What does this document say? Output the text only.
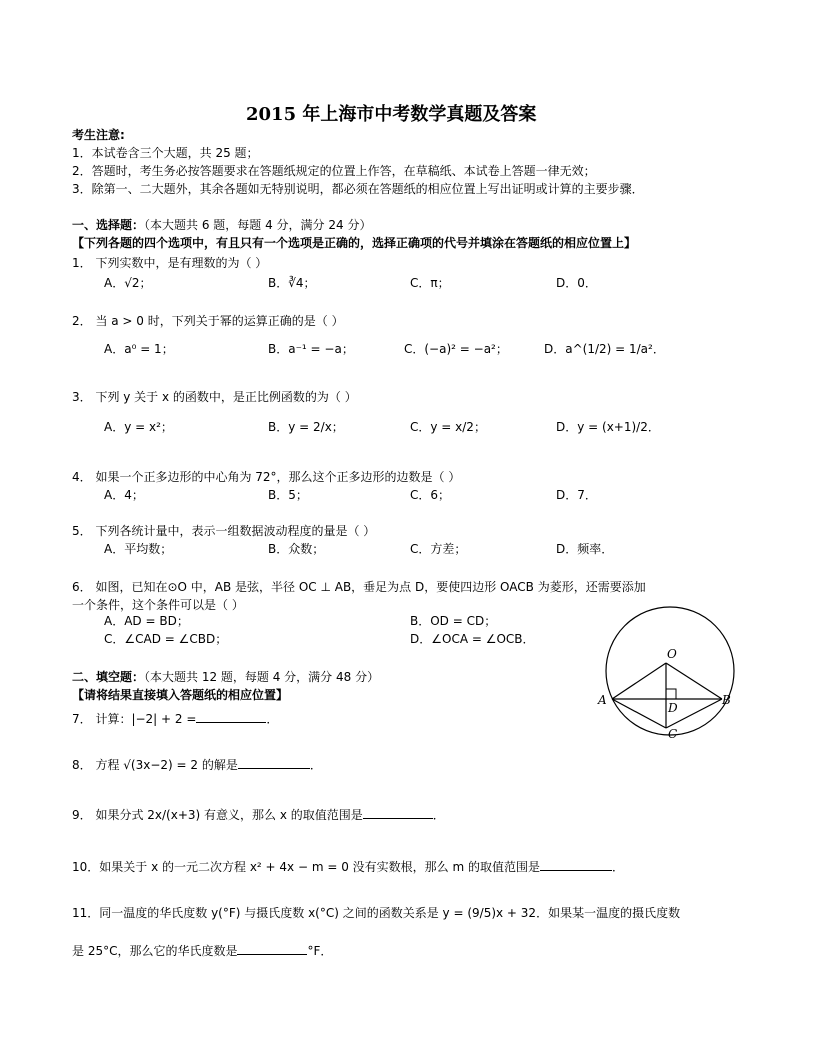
2015 年上海市中考数学真题及答案
考生注意:
1．本试卷含三个大题，共 25 题；
2．答题时，考生务必按答题要求在答题纸规定的位置上作答，在草稿纸、本试卷上答题一律无效；
3．除第一、二大题外，其余各题如无特别说明，都必须在答题纸的相应位置上写出证明或计算的主要步骤．
一、选择题：（本大题共 6 题，每题 4 分，满分 24 分）
【下列各题的四个选项中，有且只有一个选项是正确的，选择正确项的代号并填涂在答题纸的相应位置上】
1． 下列实数中，是有理数的为（ ）
A．√2；	B．∛4；	C．π；	D．0．
2． 当 a > 0 时，下列关于幂的运算正确的是（ ）
A．a⁰ = 1；	B．a⁻¹ = −a；	C．(−a)² = −a²；	D．a^(1/2) = 1/a²．
3． 下列 y 关于 x 的函数中，是正比例函数的为（ ）
A．y = x²；	B．y = 2/x；	C．y = x/2；	D．y = (x+1)/2．
4． 如果一个正多边形的中心角为 72°，那么这个正多边形的边数是（ ）
A．4；	B．5；	C．6；	D．7．
5． 下列各统计量中，表示一组数据波动程度的量是（ ）
A．平均数；	B．众数；	C．方差；	D．频率．
6． 如图，已知在⊙O 中，AB 是弦，半径 OC ⊥ AB，垂足为点 D，要使四边形 OACB 为菱形，还需要添加
一个条件，这个条件可以是（ ）
A．AD = BD；	B．OD = CD；
C．∠CAD = ∠CBD；	D．∠OCA = ∠OCB．
O
A	B
D
C
二、填空题：（本大题共 12 题，每题 4 分，满分 48 分）
【请将结果直接填入答题纸的相应位置】
7． 计算：|−2| + 2 =	．
8． 方程 √(3x−2) = 2 的解是	．
9． 如果分式 2x/(x+3) 有意义，那么 x 的取值范围是	．
10．如果关于 x 的一元二次方程 x² + 4x − m = 0 没有实数根，那么 m 的取值范围是	．
11．同一温度的华氏度数 y(°F) 与摄氏度数 x(°C) 之间的函数关系是 y = (9/5)x + 32．如果某一温度的摄氏度数
是 25°C，那么它的华氏度数是	°F．
